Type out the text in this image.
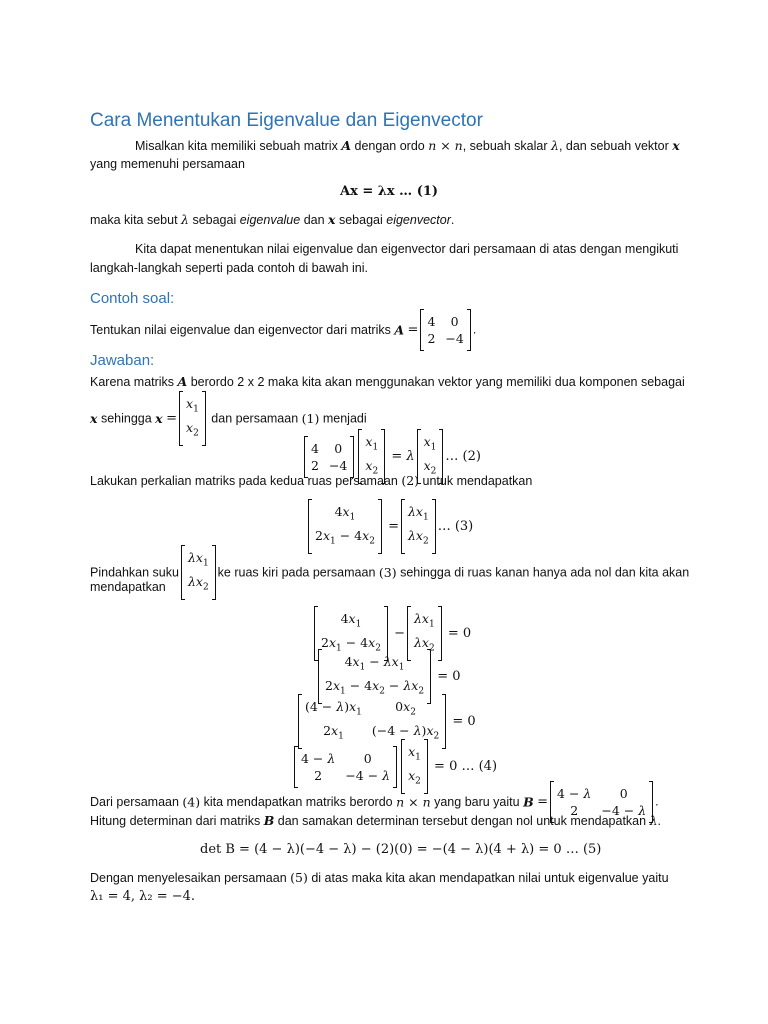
Cara Menentukan Eigenvalue dan Eigenvector
Misalkan kita memiliki sebuah matrix A dengan ordo n × n, sebuah skalar λ, dan sebuah vektor x
yang memenuhi persamaan
Ax = λx … (1)
maka kita sebut λ sebagai eigenvalue dan x sebagai eigenvector.
Kita dapat menentukan nilai eigenvalue dan eigenvector dari persamaan di atas dengan mengikuti
langkah-langkah seperti pada contoh di bawah ini.
Contoh soal:
Tentukan nilai eigenvalue dan eigenvector dari matriks A =4	0
2	−4
.
Jawaban:
Karena matriks A berordo 2 x 2 maka kita akan menggunakan vektor yang memiliki dua komponen sebagai
x sehingga $x =x_1$
$x_2$
dan persamaan (1) menjadi
4	0
2	−4
$x_1$
$x_2$
= $\lambda x_1$
$x_2$
… (2)
Lakukan perkalian matriks pada kedua ruas persamaan (2) untuk mendapatkan
$4x_1$
$2x_1 - 4x_2$
$=\lambda x_1$
$\lambda x_2$
… (3)
Pindahkan sukuλx$_1$
$\lambda x_2$
ke ruas kiri pada persamaan (3) sehingga di ruas kanan hanya ada nol dan kita akan
mendapatkan
$4x_1$
$2x_1 - 4x_2$
$-\lambda x_1$
$\lambda x_2$
= 0
$4x_1 - \lambda x_1$
$2x_1 - 4x_2 - \lambda x_2$
= 0
$(4 - \lambda)x_1$	$0x_2$
$2x_1$	$(-4 - \lambda)x_2$
= 0
4 − λ	0
2	−4 − λ
$x_1$
$x_2$
= 0 … (4)
Dari persamaan (4) kita mendapatkan matriks berordo n × n yang baru yaitu B =4 − λ	0
2	−4 − λ
.
Hitung determinan dari matriks B dan samakan determinan tersebut dengan nol untuk mendapatkan λ.
det B = (4 − λ)(−4 − λ) − (2)(0) = −(4 − λ)(4 + λ) = 0 … (5)
Dengan menyelesaikan persamaan (5) di atas maka kita akan mendapatkan nilai untuk eigenvalue yaitu
λ₁ = 4, λ₂ = −4.
